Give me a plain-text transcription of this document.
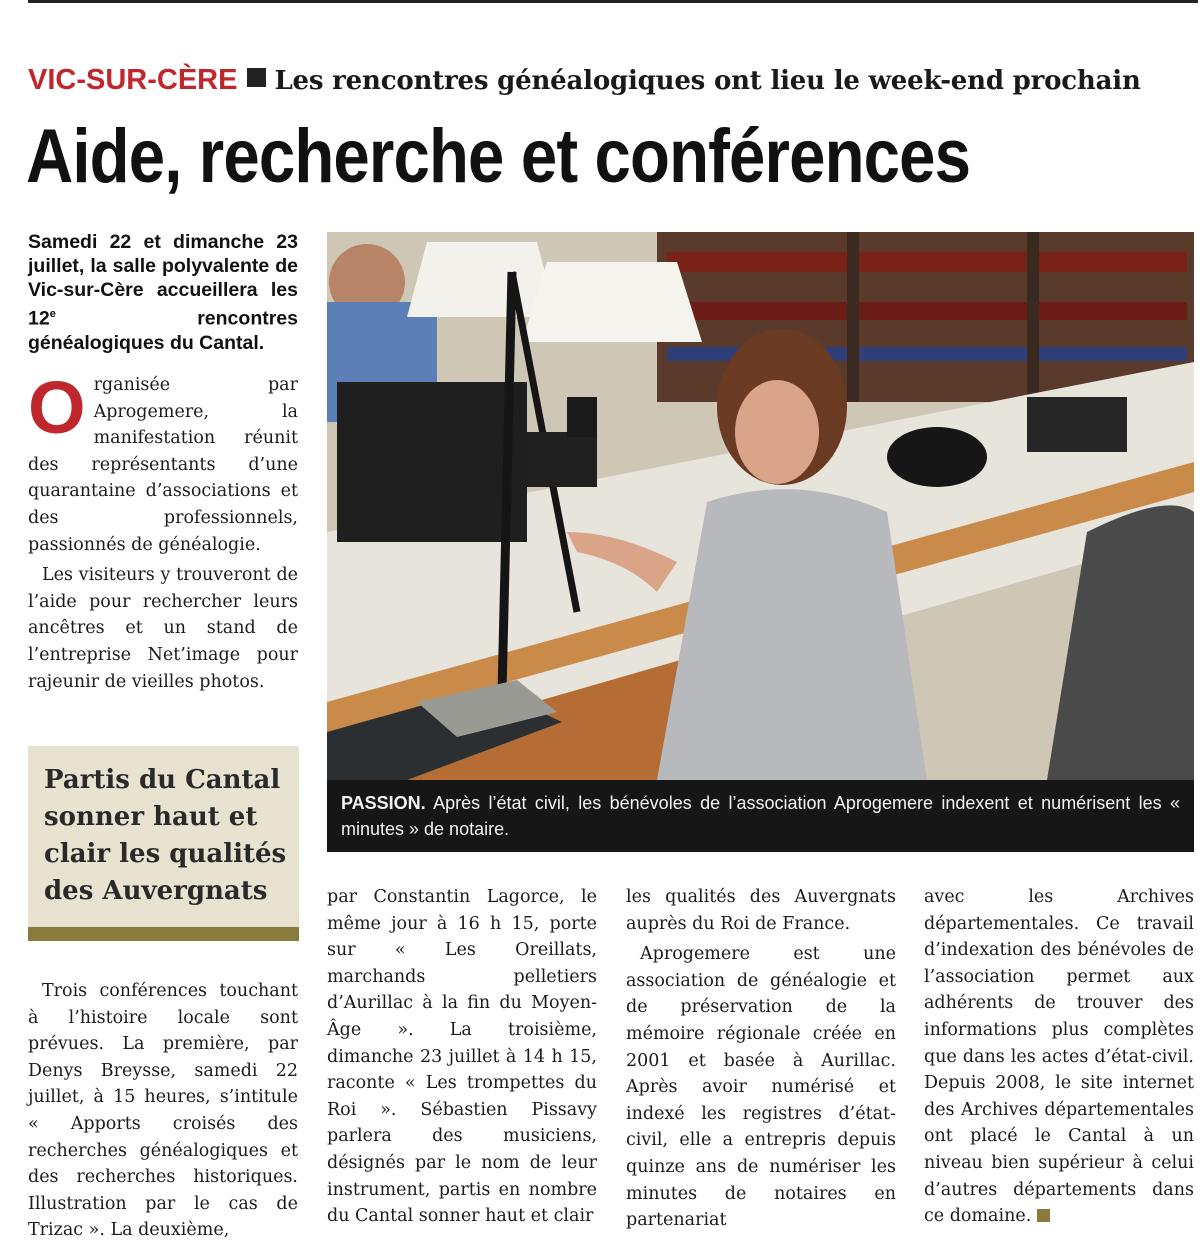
VIC-SUR-CÈRE Les rencontres généalogiques ont lieu le week-end prochain
Aide, recherche et conférences
Samedi 22 et dimanche 23 juillet, la salle polyvalente de Vic-sur-Cère accueillera les 12e rencontres généalogiques du Cantal.
O rganisée par Aprogemere, la manifestation réunit des représentants d’une quarantaine d’associations et des professionnels, passionnés de généalogie.

Les visiteurs y trouveront de l’aide pour rechercher leurs ancêtres et un stand de l’entreprise Net’image pour rajeunir de vieilles photos.

Partis du Cantal sonner haut et clair les qualités des Auvergnats

Trois conférences touchant à l’histoire locale sont prévues. La première, par Denys Breysse, samedi 22 juillet, à 15 heures, s’intitule « Apports croisés des recherches généalogiques et des recherches historiques. Illustration par le cas de Trizac ». La deuxième,

par Constantin Lagorce, le même jour à 16 h 15, porte sur « Les Oreillats, marchands pelletiers d’Aurillac à la fin du Moyen-Âge ». La troisième, dimanche 23 juillet à 14 h 15, raconte « Les trompettes du Roi ». Sébastien Pissavy parlera des musiciens, désignés par le nom de leur instrument, partis en nombre du Cantal sonner haut et clair

les qualités des Auvergnats auprès du Roi de France.

Aprogemere est une association de généalogie et de préservation de la mémoire régionale créée en 2001 et basée à Aurillac. Après avoir numérisé et indexé les registres d’état-civil, elle a entrepris depuis quinze ans de numériser les minutes de notaires en partenariat

avec les Archives départementales. Ce travail d’indexation des bénévoles de l’association permet aux adhérents de trouver des informations plus complètes que dans les actes d’état-civil. Depuis 2008, le site internet des Archives départementales ont placé le Cantal à un niveau bien supérieur à celui d’autres départements dans ce domaine.

PASSION. Après l’état civil, les bénévoles de l’association Aprogemere indexent et numérisent les « minutes » de notaire.
